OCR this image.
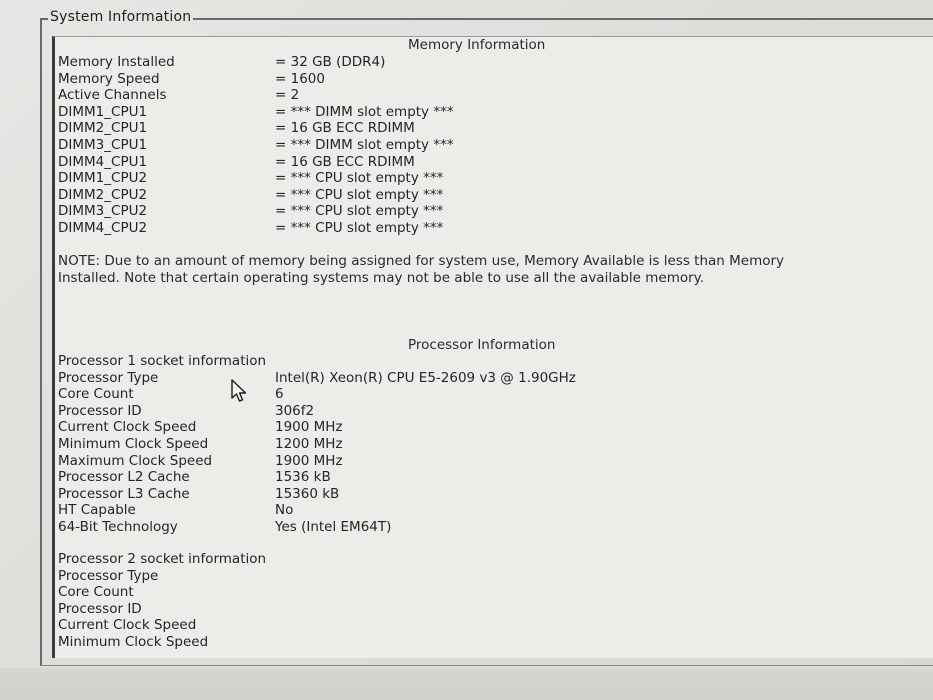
System Information
Memory Information
Memory Installed	= 32 GB (DDR4)
Memory Speed	= 1600
Active Channels	= 2
DIMM1_CPU1	= *** DIMM slot empty ***
DIMM2_CPU1	= 16 GB ECC RDIMM
DIMM3_CPU1	= *** DIMM slot empty ***
DIMM4_CPU1	= 16 GB ECC RDIMM
DIMM1_CPU2	= *** CPU slot empty ***
DIMM2_CPU2	= *** CPU slot empty ***
DIMM3_CPU2	= *** CPU slot empty ***
DIMM4_CPU2	= *** CPU slot empty ***
NOTE: Due to an amount of memory being assigned for system use, Memory Available is less than Memory Installed. Note that certain operating systems may not be able to use all the available memory.
Processor Information
Processor 1 socket information
Processor Type	Intel(R) Xeon(R) CPU E5-2609 v3 @ 1.90GHz
Core Count	6
Processor ID	306f2
Current Clock Speed	1900 MHz
Minimum Clock Speed	1200 MHz
Maximum Clock Speed	1900 MHz
Processor L2 Cache	1536 kB
Processor L3 Cache	15360 kB
HT Capable	No
64-Bit Technology	Yes (Intel EM64T)
Processor 2 socket information
Processor Type
Core Count
Processor ID
Current Clock Speed
Minimum Clock Speed
